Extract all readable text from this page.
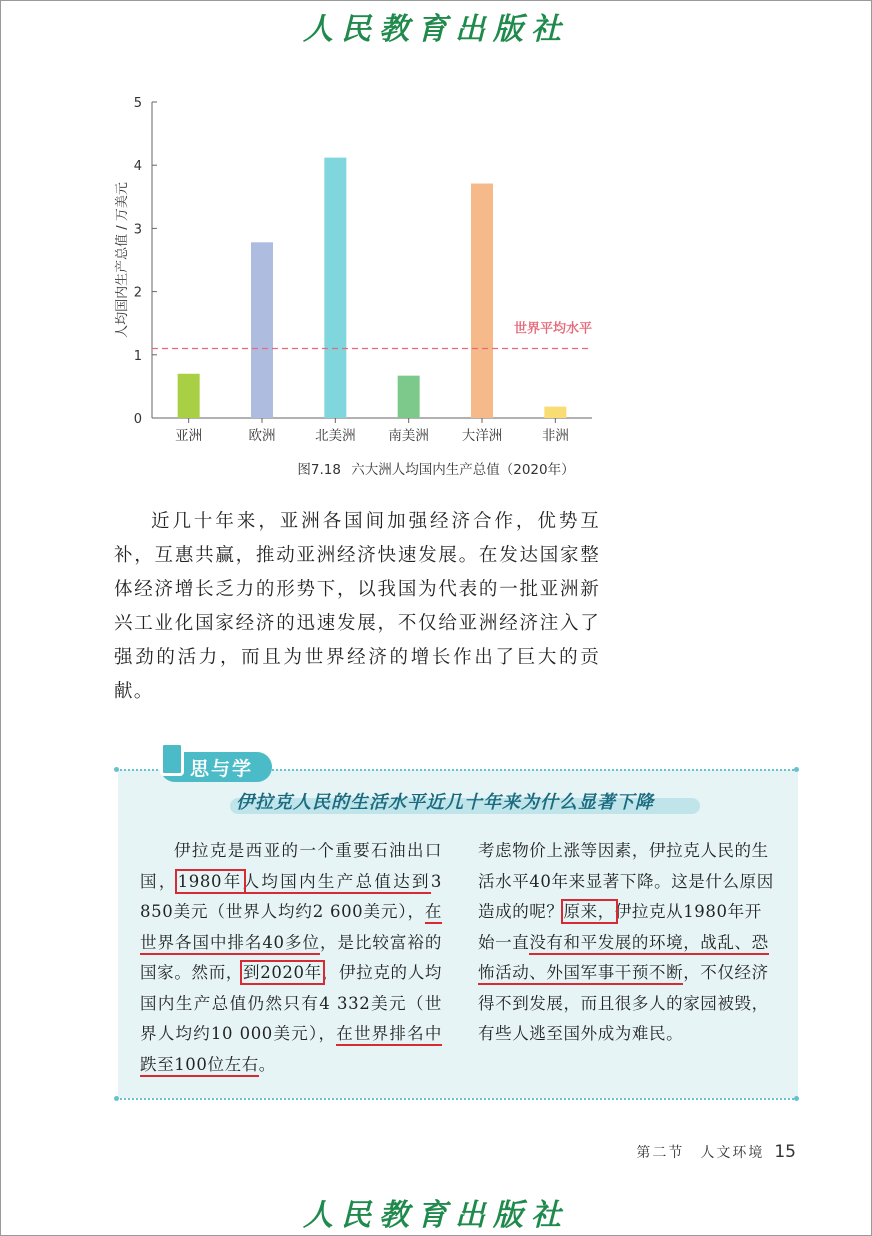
人民教育出版社
0
1
2
3
4
5
人均国内生产总值 / 万美元
亚洲	欧洲	北美洲 南美洲 大洋洲	非洲
世界平均水平
图7.18 六大洲人均国内生产总值（2020年）

近几十年来，亚洲各国间加强经济合作，优势互补，互惠共赢，推动亚洲经济快速发展。在发达国家整体经济增长乏力的形势下，以我国为代表的一批亚洲新兴工业化国家经济的迅速发展，不仅给亚洲经济注入了强劲的活力，而且为世界经济的增长作出了巨大的贡献。

思与学
伊拉克人民的生活水平近几十年来为什么显著下降

伊拉克是西亚的一个重要石油出口国，1980年人均国内生产总值达到3 850美元（世界人均约2 600美元），在世界各国中排名40多位，是比较富裕的国家。然而，到2020年，伊拉克的人均国内生产总值仍然只有4 332美元（世界人均约10 000美元），在世界排名中跌至100位左右。

考虑物价上涨等因素，伊拉克人民的生活水平40年来显著下降。这是什么原因造成的呢？原来，伊拉克从1980年开始一直没有和平发展的环境，战乱、恐怖活动、外国军事干预不断，不仅经济得不到发展，而且很多人的家园被毁，有些人逃至国外成为难民。

第二节　人文环境 15
人民教育出版社
